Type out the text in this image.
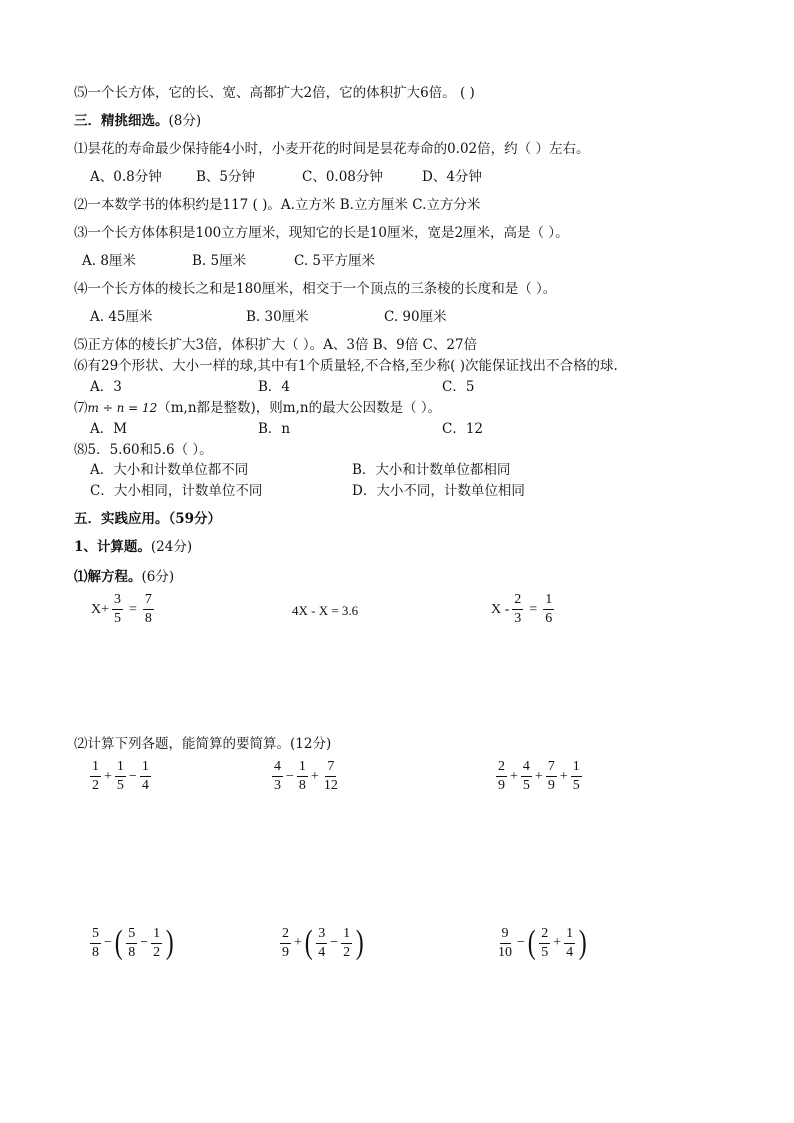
⑸一个长方体，它的长、宽、高都扩大2倍，它的体积扩大6倍。 ( )
三．精挑细选。(8分)
⑴昙花的寿命最少保持能4小时，小麦开花的时间是昙花寿命的0.02倍，约（ ）左右。
A、0.8分钟	B、5分钟	C、0.08分钟	D、4分钟
⑵一本数学书的体积约是117 ( )。A.立方米 B.立方厘米 C.立方分米
⑶一个长方体体积是100立方厘米，现知它的长是10厘米，宽是2厘米，高是（ ）。
A. 8厘米	B. 5厘米	C. 5平方厘米
⑷一个长方体的棱长之和是180厘米，相交于一个顶点的三条棱的长度和是（ ）。
A. 45厘米	B. 30厘米	C. 90厘米
⑸正方体的棱长扩大3倍，体积扩大（ ）。A、3倍 B、9倍 C、27倍
⑹有29个形状、大小一样的球,其中有1个质量轻,不合格,至少称( )次能保证找出不合格的球.
A．3	B．4	C．5
⑺m ÷ n = 12（m,n都是整数)，则m,n的最大公因数是（ ）。
A．M	B．n	C．12
⑻5．5.60和5.6（ ）。
A．大小和计数单位都不同	B．大小和计数单位都相同
C．大小相同，计数单位不同	D．大小不同，计数单位相同
五．实践应用。（59分）
1、计算题。(24分)
⑴解方程。(6分)
$X+ \frac{3}{5} = \frac{7}{8}$	4X - X = 3.6	$X - \frac{2}{3} = \frac{1}{6}$
⑵计算下列各题，能简算的要简算。(12分)
$\frac{1}{2} + \frac{1}{5} - \frac{1}{4}$	$\frac{4}{3} - \frac{1}{8} + \frac{7}{12}$	$\frac{2}{9} + \frac{4}{5} + \frac{7}{9} + \frac{1}{5}$
$\frac{5}{8}$ − ( $\frac{5}{8} - \frac{1}{2}$ )	$\frac{2}{9}$ + ( $\frac{3}{4} - \frac{1}{2}$ )	$\frac{9}{10}$ − ( $\frac{2}{5} + \frac{1}{4}$ )
